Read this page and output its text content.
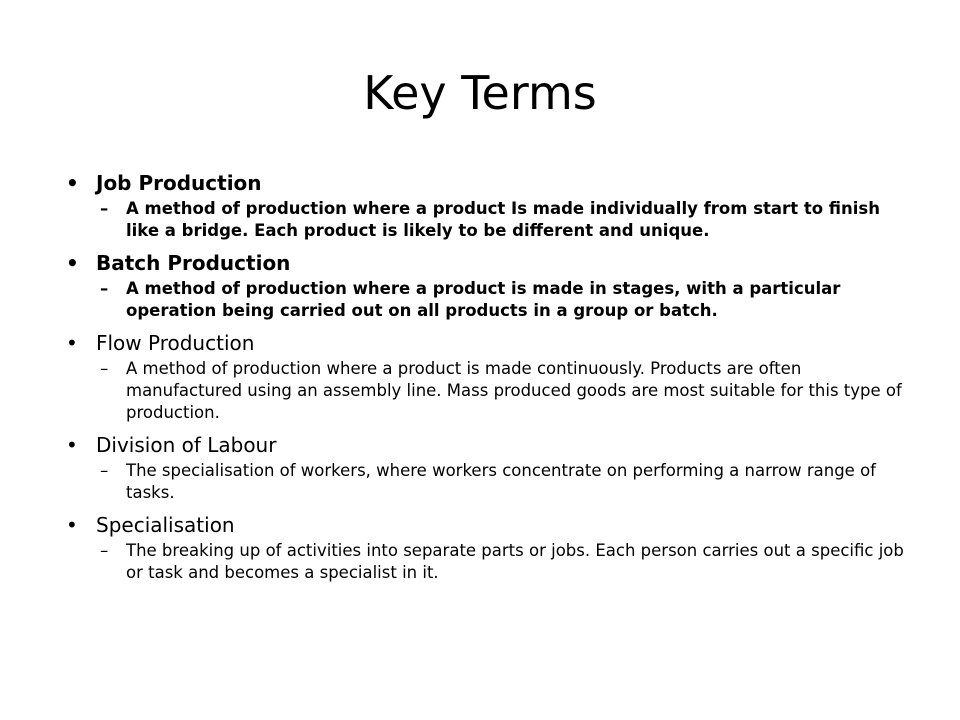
Key Terms
• Job Production
– A method of production where a product Is made individually from start to finish like a bridge. Each product is likely to be different and unique.
• Batch Production
– A method of production where a product is made in stages, with a particular operation being carried out on all products in a group or batch.
• Flow Production
– A method of production where a product is made continuously. Products are often manufactured using an assembly line. Mass produced goods are most suitable for this type of production.
• Division of Labour
– The specialisation of workers, where workers concentrate on performing a narrow range of tasks.
• Specialisation
– The breaking up of activities into separate parts or jobs. Each person carries out a specific job or task and becomes a specialist in it.
